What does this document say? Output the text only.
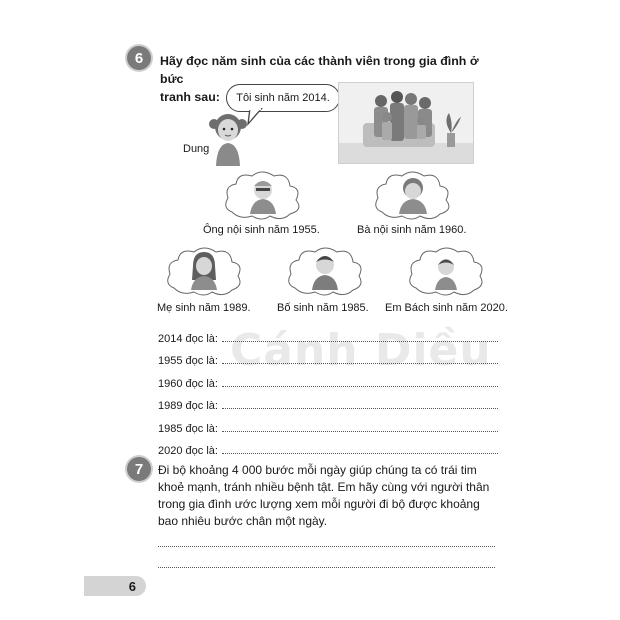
6 Hãy đọc năm sinh của các thành viên trong gia đình ở bức
tranh sau:	Tôi sinh năm 2014.
Dung
Ông nội sinh năm 1955.	Bà nội sinh năm 1960.
Mẹ sinh năm 1989. Bố sinh năm 1985. Em Bách sinh năm 2020.
Cánh Diều
2014 đọc là:
1955 đọc là:
1960 đọc là:
1989 đọc là:
1985 đọc là:
2020 đọc là:
7 Đi bộ khoảng 4 000 bước mỗi ngày giúp chúng ta có trái tim
khoẻ mạnh, tránh nhiều bệnh tật. Em hãy cùng với người thân
trong gia đình ước lượng xem mỗi người đi bộ được khoảng
bao nhiêu bước chân một ngày.
6
